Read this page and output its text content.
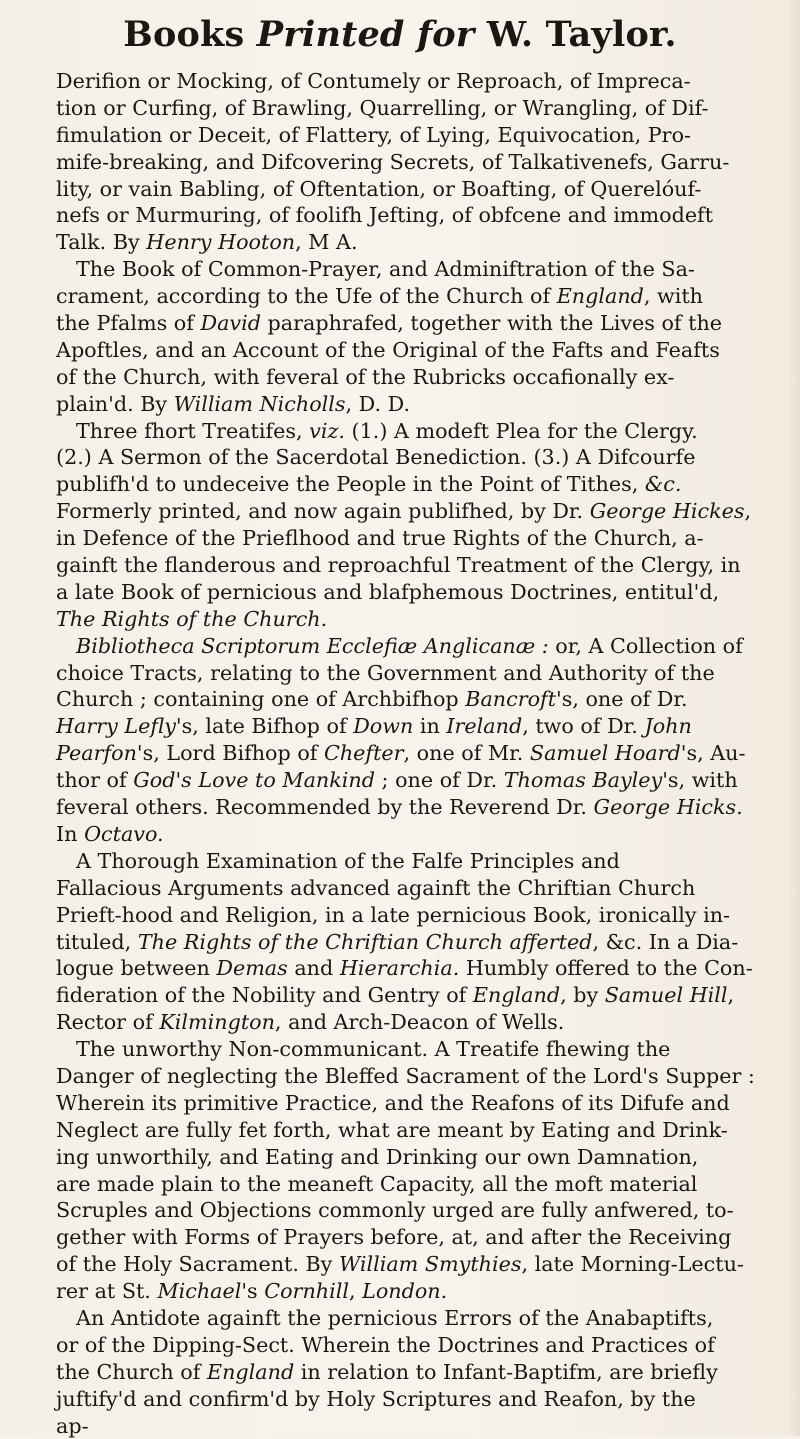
Books Printed for W. Taylor.
Derifion or Mocking, of Contumely or Reproach, of Impreca-
tion or Curfing, of Brawling, Quarrelling, or Wrangling, of Dif-
fimulation or Deceit, of Flattery, of Lying, Equivocation, Pro-
mife-breaking, and Difcovering Secrets, of Talkativenefs, Garru-
lity, or vain Babling, of Oftentation, or Boafting, of Querelóuf-
nefs or Murmuring, of foolifh Jefting, of obfcene and immodeft
Talk. By Henry Hooton, M A.
The Book of Common-Prayer, and Adminiftration of the Sa-
crament, according to the Ufe of the Church of England, with
the Pfalms of David paraphrafed, together with the Lives of the
Apoftles, and an Account of the Original of the Fafts and Feafts
of the Church, with feveral of the Rubricks occafionally ex-
plain'd. By William Nicholls, D. D.
Three fhort Treatifes, viz. (1.) A modeft Plea for the Clergy.
(2.) A Sermon of the Sacerdotal Benediction. (3.) A Difcourfe
publifh'd to undeceive the People in the Point of Tithes, &c.
Formerly printed, and now again publifhed, by Dr. George Hickes,
in Defence of the Prieflhood and true Rights of the Church, a-
gainft the flanderous and reproachful Treatment of the Clergy, in
a late Book of pernicious and blafphemous Doctrines, entitul'd,
The Rights of the Church.
Bibliotheca Scriptorum Ecclefiæ Anglicanæ : or, A Collection of
choice Tracts, relating to the Government and Authority of the
Church ; containing one of Archbifhop Bancroft's, one of Dr.
Harry Lefly's, late Bifhop of Down in Ireland, two of Dr. John
Pearfon's, Lord Bifhop of Chefter, one of Mr. Samuel Hoard's, Au-
thor of God's Love to Mankind ; one of Dr. Thomas Bayley's, with
feveral others. Recommended by the Reverend Dr. George Hicks.
In Octavo.
A Thorough Examination of the Falfe Principles and
Fallacious Arguments advanced againft the Chriftian Church
Prieft-hood and Religion, in a late pernicious Book, ironically in-
tituled, The Rights of the Chriftian Church afferted, &c. In a Dia-
logue between Demas and Hierarchia. Humbly offered to the Con-
fideration of the Nobility and Gentry of England, by Samuel Hill,
Rector of Kilmington, and Arch-Deacon of Wells.
The unworthy Non-communicant. A Treatife fhewing the
Danger of neglecting the Bleffed Sacrament of the Lord's Supper :
Wherein its primitive Practice, and the Reafons of its Difufe and
Neglect are fully fet forth, what are meant by Eating and Drink-
ing unworthily, and Eating and Drinking our own Damnation,
are made plain to the meaneft Capacity, all the moft material
Scruples and Objections commonly urged are fully anfwered, to-
gether with Forms of Prayers before, at, and after the Receiving
of the Holy Sacrament. By William Smythies, late Morning-Lectu-
rer at St. Michael's Cornhill, London.
An Antidote againft the pernicious Errors of the Anabaptifts,
or of the Dipping-Sect. Wherein the Doctrines and Practices of
the Church of England in relation to Infant-Baptifm, are briefly
juftify'd and confirm'd by Holy Scriptures and Reafon, by the
ap-
